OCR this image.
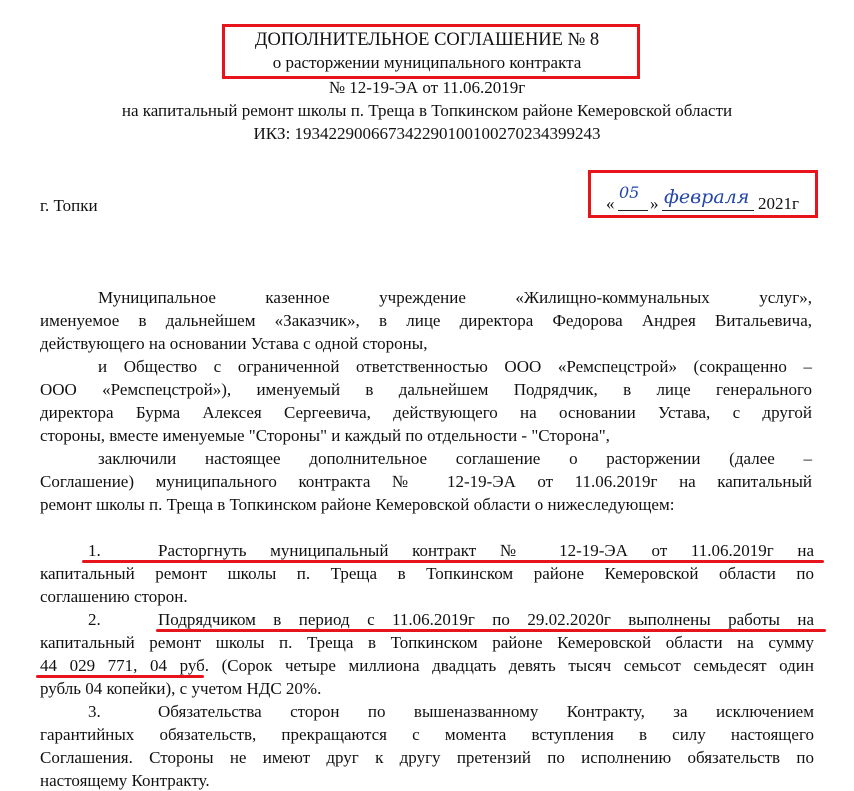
ДОПОЛНИТЕЛЬНОЕ СОГЛАШЕНИЕ № 8
о расторжении муниципального контракта
№ 12-19-ЭА от 11.06.2019г
на капитальный ремонт школы п. Треща в Топкинском районе Кемеровской области
ИКЗ: 193422900667342290100100270234399243
г. Топки	«
05
» февраля 2021г
Муниципальное казенное учреждение «Жилищно-коммунальных услуг»,
именуемое в дальнейшем «Заказчик», в лице директора Федорова Андрея Витальевича,
действующего на основании Устава с одной стороны,
и Общество с ограниченной ответственностью ООО «Ремспецстрой» (сокращенно –
ООО «Ремспецстрой»), именуемый в дальнейшем Подрядчик, в лице генерального
директора Бурма Алексея Сергеевича, действующего на основании Устава, с другой
стороны, вместе именуемые "Стороны" и каждый по отдельности - "Сторона",
заключили настоящее дополнительное соглашение о расторжении (далее –
Соглашение) муниципального контракта № 12-19-ЭА от 11.06.2019г на капитальный
ремонт школы п. Треща в Топкинском районе Кемеровской области о нижеследующем:
1.	Расторгнуть муниципальный контракт № 12-19-ЭА от 11.06.2019г на
капитальный ремонт школы п. Треща в Топкинском районе Кемеровской области по
соглашению сторон.
2.	Подрядчиком в период с 11.06.2019г по 29.02.2020г выполнены работы на
капитальный ремонт школы п. Треща в Топкинском районе Кемеровской области на сумму
44 029 771, 04 руб. (Сорок четыре миллиона двадцать девять тысяч семьсот семьдесят один
рубль 04 копейки), с учетом НДС 20%.
3.	Обязательства сторон по вышеназванному Контракту, за исключением
гарантийных обязательств, прекращаются с момента вступления в силу настоящего
Соглашения. Стороны не имеют друг к другу претензий по исполнению обязательств по
настоящему Контракту.
